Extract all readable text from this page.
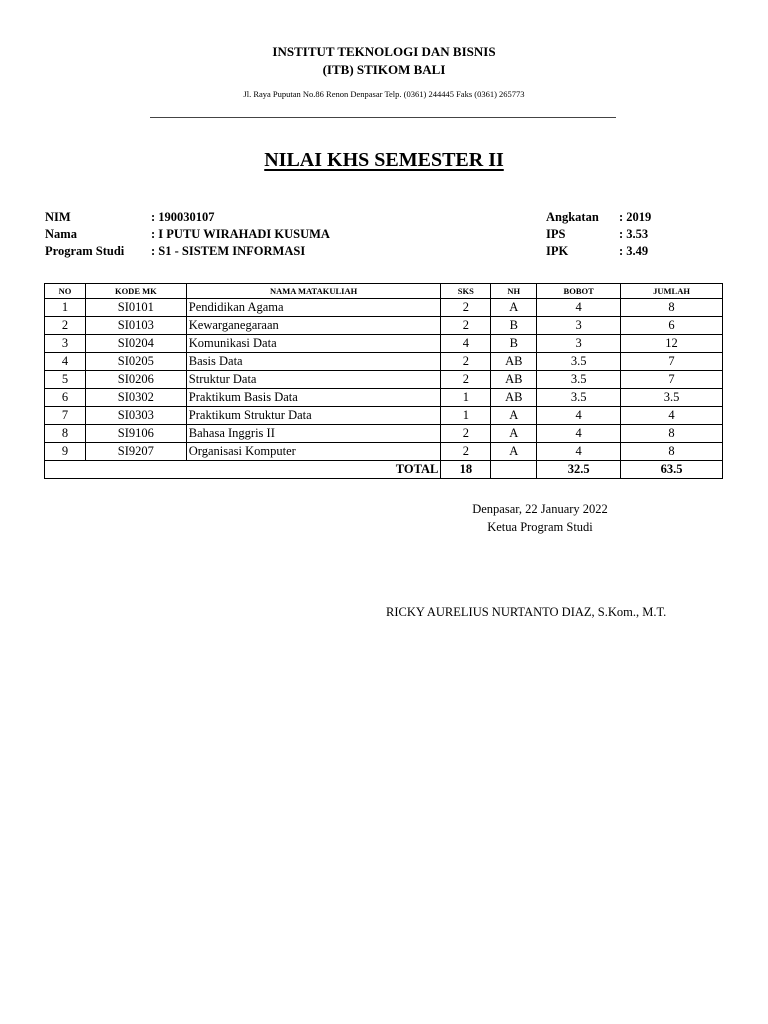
INSTITUT TEKNOLOGI DAN BISNIS
(ITB) STIKOM BALI
Jl. Raya Puputan No.86 Renon Denpasar Telp. (0361) 244445 Faks (0361) 265773
NILAI KHS SEMESTER II
NIM	: 190030107
Nama	: I PUTU WIRAHADI KUSUMA
Program Studi : S1 - SISTEM INFORMASI
Angkatan : 2019
IPS	: 3.53
IPK	: 3.49
NO	KODE MK	NAMA MATAKULIAH	SKS	NH	BOBOT	JUMLAH
1	SI0101	Pendidikan Agama	2	A	4	8
2	SI0103	Kewarganegaraan	2	B	3	6
3	SI0204	Komunikasi Data	4	B	3	12
4	SI0205	Basis Data	2	AB	3.5	7
5	SI0206	Struktur Data	2	AB	3.5	7
6	SI0302	Praktikum Basis Data	1	AB	3.5	3.5
7	SI0303	Praktikum Struktur Data	1	A	4	4
8	SI9106	Bahasa Inggris II	2	A	4	8
9	SI9207	Organisasi Komputer	2	A	4	8
TOTAL			18		32.5	63.5
Denpasar, 22 January 2022
Ketua Program Studi
RICKY AURELIUS NURTANTO DIAZ, S.Kom., M.T.
